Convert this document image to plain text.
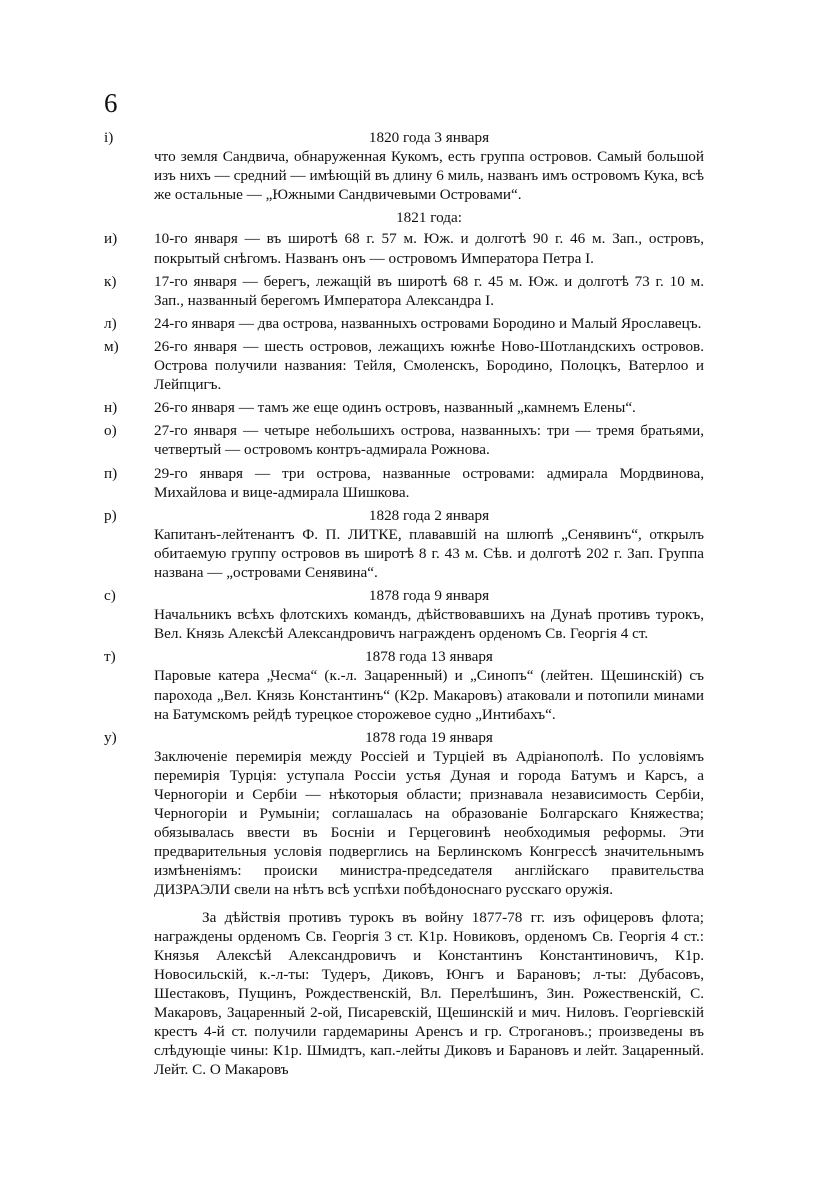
6
i)	1820 года 3 января
что земля Сандвича, обнаруженная Кукомъ, есть группа островов. Самый большой изъ нихъ — средний — имѣющій въ длину 6 миль, названъ имъ островомъ Кука, всѣ же остальные — „Южными Сандвичевыми Островами“.
1821 года:
и)	10-го января — въ широтѣ 68 г. 57 м. Юж. и долготѣ 90 г. 46 м. Зап., островъ, покрытый снѣгомъ. Названъ онъ — островомъ Императора Петра I.
к)	17-го января — берегъ, лежащій въ широтѣ 68 г. 45 м. Юж. и долготѣ 73 г. 10 м. Зап., названный берегомъ Императора Александра I.
л)	24-го января — два острова, названныхъ островами Бородино и Малый Ярославецъ.
м)	26-го января — шесть островов, лежащихъ южнѣе Ново-Шотландскихъ островов. Острова получили названия: Тейля, Смоленскъ, Бородино, Полоцкъ, Ватерлоо и Лейпцигъ.
н)	26-го января — тамъ же еще одинъ островъ, названный „камнемъ Елены“.
о)	27-го января — четыре небольшихъ острова, названныхъ: три — тремя братьями, четвертый — островомъ контръ-адмирала Рожнова.
п)	29-го января — три острова, названные островами: адмирала Мордвинова, Михайлова и вице-адмирала Шишкова.
р)	1828 года 2 января
Капитанъ-лейтенантъ Ф. П. ЛИТКЕ, плававшій на шлюпѣ „Сенявинъ“, открылъ обитаемую группу островов въ широтѣ 8 г. 43 м. Сѣв. и долготѣ 202 г. Зап. Группа названа — „островами Сенявина“.
с)	1878 года 9 января
Начальникъ всѣхъ флотскихъ командъ, дѣйствовавшихъ на Дунаѣ противъ турокъ, Вел. Князь Алексѣй Александровичъ награжденъ орденомъ Св. Георгія 4 ст.
т)	1878 года 13 января
Паровые катера „Чесма“ (к.-л. Зацаренный) и „Синопъ“ (лейтен. Щешинскій) съ парохода „Вел. Князь Константинъ“ (К2р. Макаровъ) атаковали и потопили минами на Батумскомъ рейдѣ турецкое сторожевое судно „Интибахъ“.
у)	1878 года 19 января
Заключеніе перемирія между Россіей и Турціей въ Адріанополѣ. По условіямъ перемирія Турція: уступала Россіи устья Дуная и города Батумъ и Карсъ, а Черногоріи и Сербіи — нѣкоторыя области; признавала независимость Сербіи, Черногоріи и Румыніи; соглашалась на образованіе Болгарскаго Княжества; обязывалась ввести въ Босніи и Герцеговинѣ необходимыя реформы. Эти предварительныя условія подверглись на Берлинскомъ Конгрессѣ значительнымъ измѣненіямъ: происки министра-председателя англійскаго правительства ДИЗРАЭЛИ свели на нѣтъ всѣ успѣхи побѣдоноснаго русскаго оружія.
За дѣйствія противъ турокъ въ войну 1877-78 гг. изъ офицеровъ флота; награждены орденомъ Св. Георгія 3 ст. К1р. Новиковъ, орденомъ Св. Георгія 4 ст.: Князья Алексѣй Александровичъ и Константинъ Константиновичъ, К1р. Новосильскій, к.-л-ты: Тудеръ, Диковъ, Юнгъ и Барановъ; л-ты: Дубасовъ, Шестаковъ, Пущинъ, Рождественскій, Вл. Перелѣшинъ, Зин. Рожественскій, С. Макаровъ, Зацаренный 2-ой, Писаревскій, Щешинскій и мич. Ниловъ. Георгіевскій крестъ 4-й ст. получили гардемарины Аренсъ и гр. Строгановъ.; произведены въ слѣдующіе чины: К1р. Шмидтъ, кап.-лейты Диковъ и Барановъ и лейт. Зацаренный. Лейт. С. О Макаровъ
